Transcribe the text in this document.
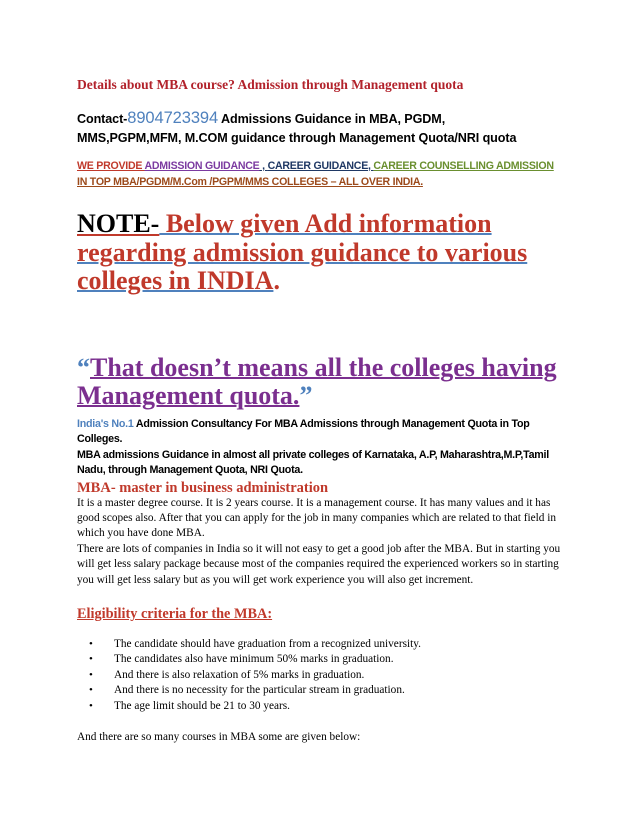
Details about MBA course? Admission through Management quota
Contact-8904723394 Admissions Guidance in MBA, PGDM,
MMS,PGPM,MFM, M.COM guidance through Management Quota/NRI quota
WE PROVIDE ADMISSION GUIDANCE , CAREER GUIDANCE, CAREER COUNSELLING ADMISSION
IN TOP MBA/PGDM/M.Com /PGPM/MMS COLLEGES – ALL OVER INDIA.
NOTE- Below given Add information regarding admission guidance to various colleges in INDIA.
“That doesn’t means all the colleges having Management quota.”
India's No.1 Admission Consultancy For MBA Admissions through Management Quota in Top Colleges.
MBA admissions Guidance in almost all private colleges of Karnataka, A.P, Maharashtra,M.P,Tamil Nadu, through Management Quota, NRI Quota.
MBA- master in business administration
It is a master degree course. It is 2 years course. It is a management course. It has many values and it has good scopes also. After that you can apply for the job in many companies which are related to that field in which you have done MBA.
There are lots of companies in India so it will not easy to get a good job after the MBA. But in starting you will get less salary package because most of the companies required the experienced workers so in starting you will get less salary but as you will get work experience you will also get increment.
Eligibility criteria for the MBA:
• The candidate should have graduation from a recognized university.
• The candidates also have minimum 50% marks in graduation.
• And there is also relaxation of 5% marks in graduation.
• And there is no necessity for the particular stream in graduation.
• The age limit should be 21 to 30 years.
And there are so many courses in MBA some are given below:
